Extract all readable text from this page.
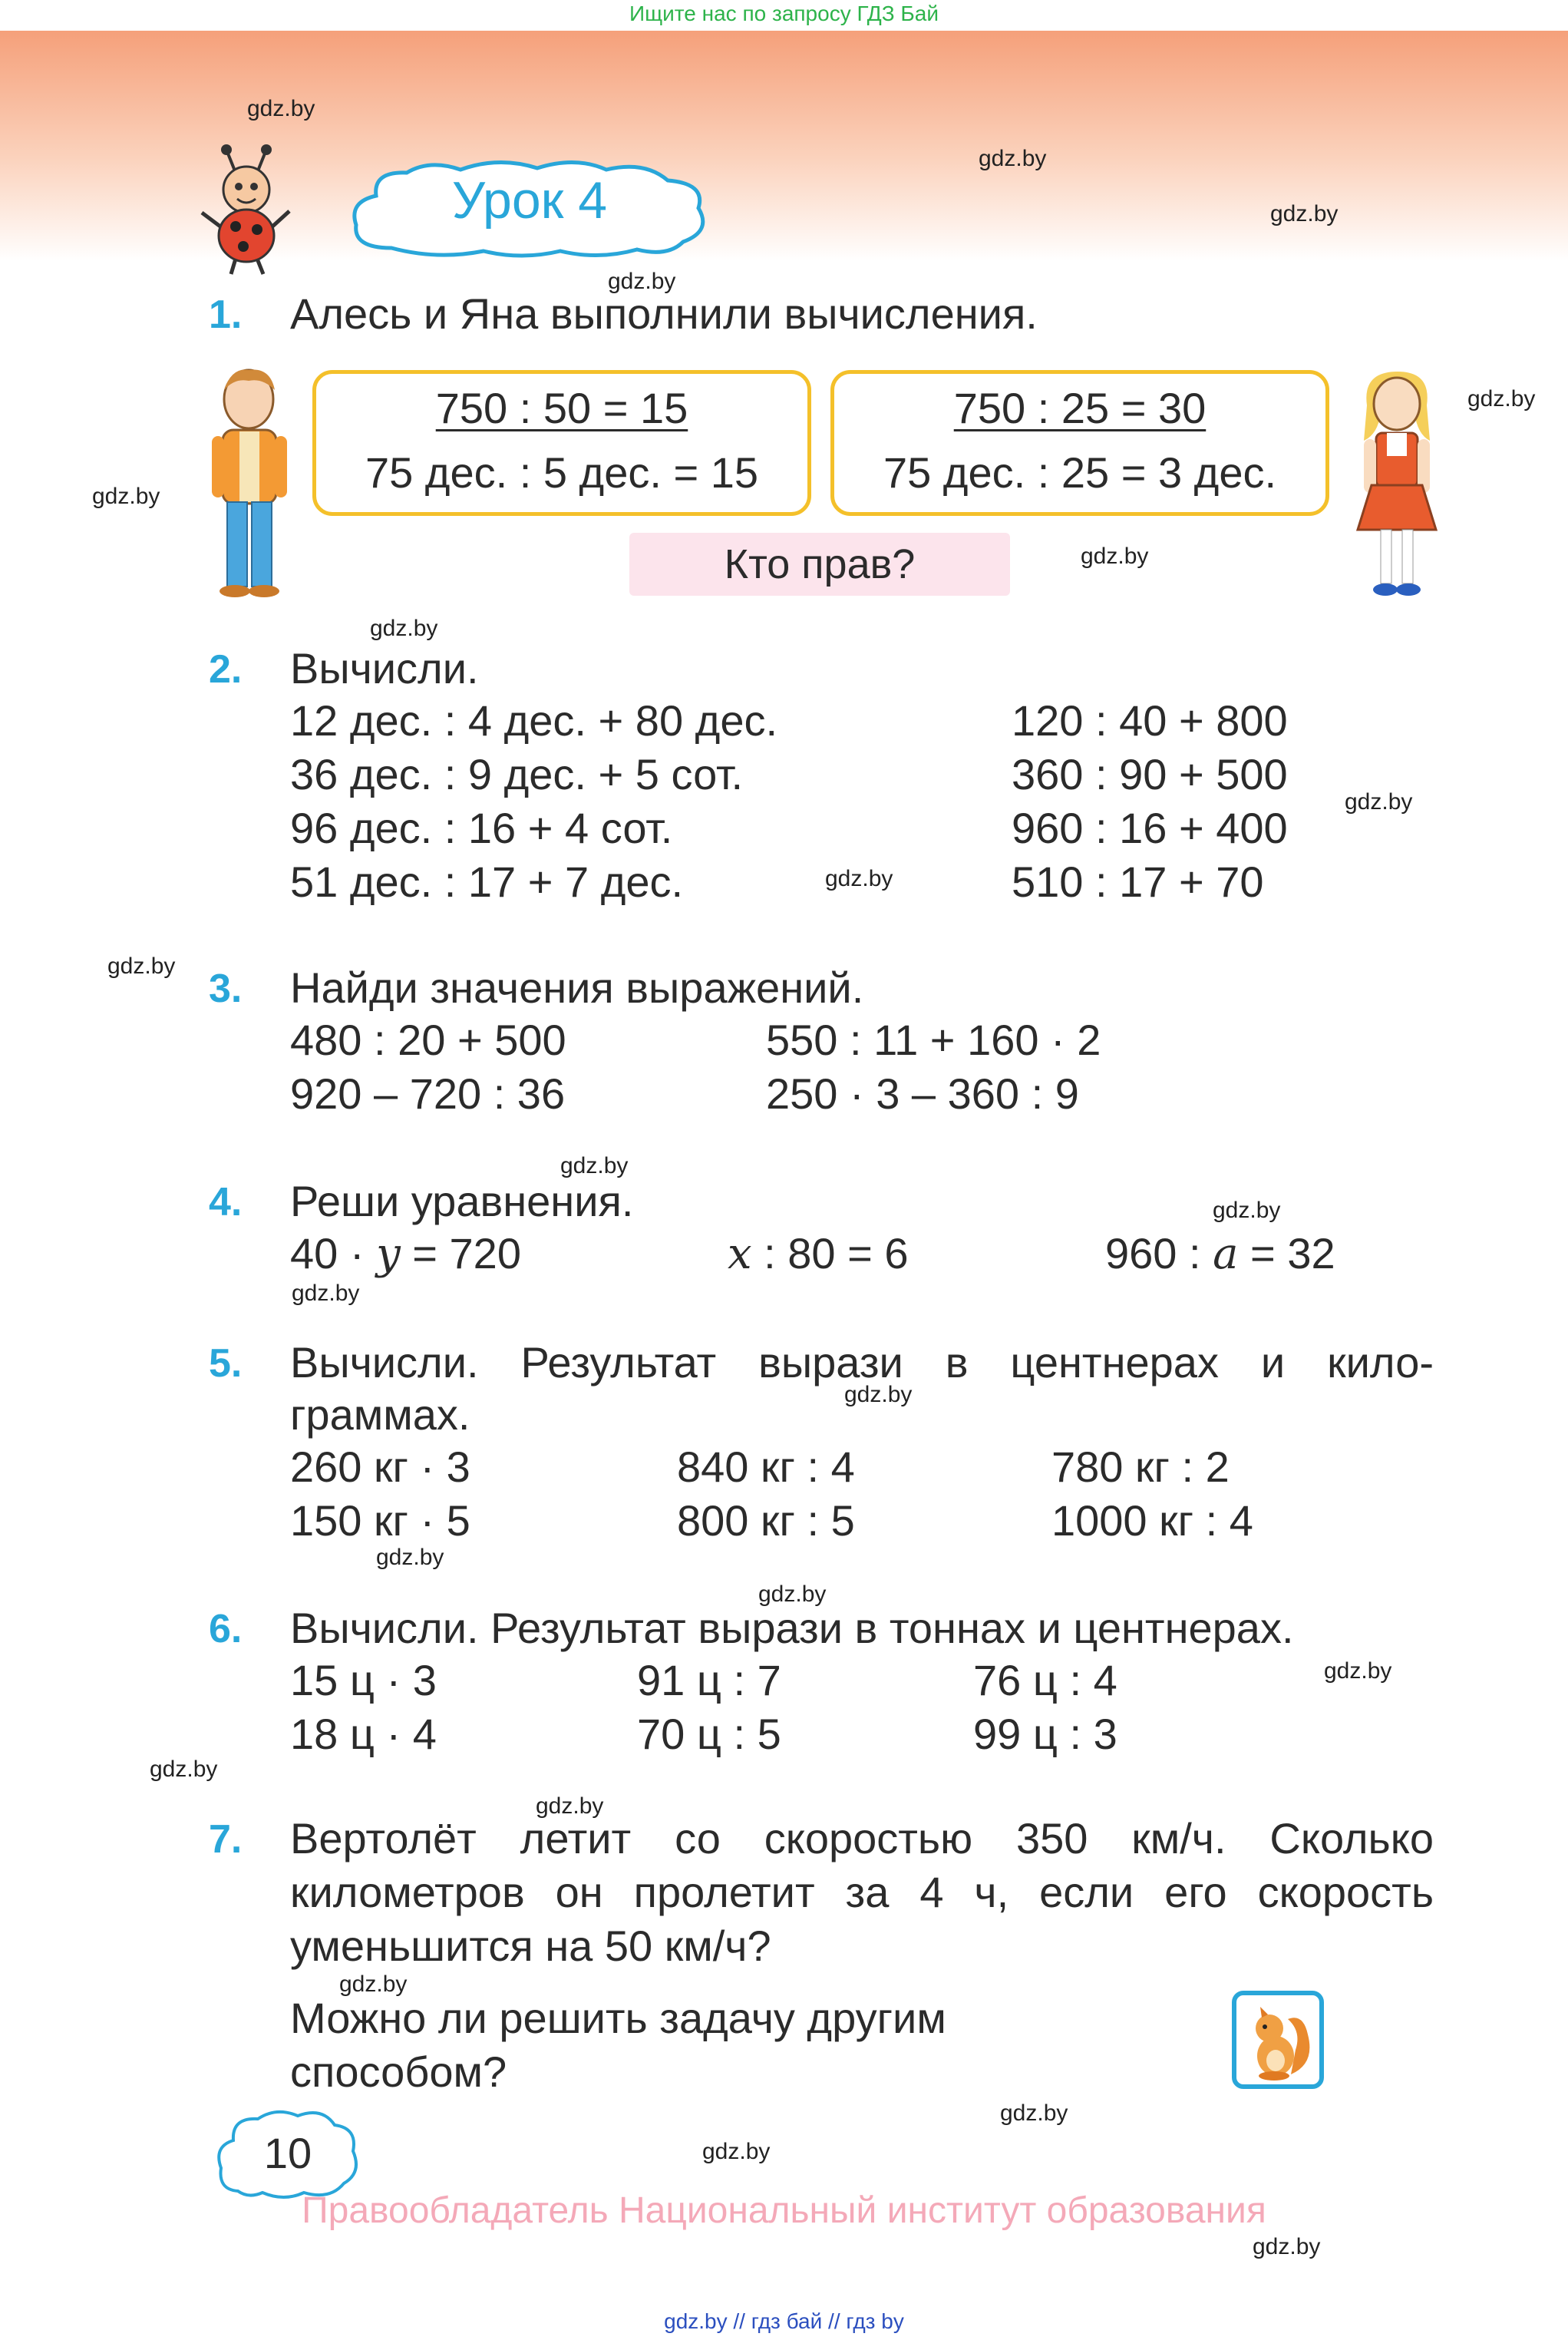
Ищите нас по запросу ГДЗ Бай
gdz.by
gdz.by
gdz.by
gdz.by
gdz.by
gdz.by
gdz.by
gdz.by
gdz.by
gdz.by
gdz.by
gdz.by
gdz.by
gdz.by
gdz.by
gdz.by
gdz.by
gdz.by
gdz.by
gdz.by
gdz.by
gdz.by
gdz.by
gdz.by
Урок 4
1. Алесь и Яна выполнили вычисления.
750 : 50 = 15
75 дес. : 5 дес. = 15
750 : 25 = 30
75 дес. : 25 = 3 дес.
Кто прав?
2. Вычисли.
12 дес. : 4 дес. + 80 дес.
36 дес. : 9 дес. + 5 сот.
96 дес. : 16 + 4 сот.
51 дес. : 17 + 7 дес.
120 : 40 + 800
360 : 90 + 500
960 : 16 + 400
510 : 17 + 70
3. Найди значения выражений.
480 : 20 + 500
920 – 720 : 36
550 : 11 + 160 · 2
250 · 3 – 360 : 9
4. Реши уравнения.
40 · y = 720	x : 80 = 6	960 : a = 32
5. Вычисли. Результат вырази в центнерах и кило-
граммах.
260 кг · 3
150 кг · 5
840 кг : 4
800 кг : 5
780 кг : 2
1000 кг : 4
6. Вычисли. Результат вырази в тоннах и центнерах.
15 ц · 3
18 ц · 4
91 ц : 7
70 ц : 5
76 ц : 4
99 ц : 3
7. Вертолёт летит со скоростью 350 км/ч. Сколько
километров он пролетит за 4 ч, если его скорость
уменьшится на 50 км/ч?
Можно ли решить задачу другим
способом?
10
Правообладатель Национальный институт образования
gdz.by // гдз бай // гдз by
